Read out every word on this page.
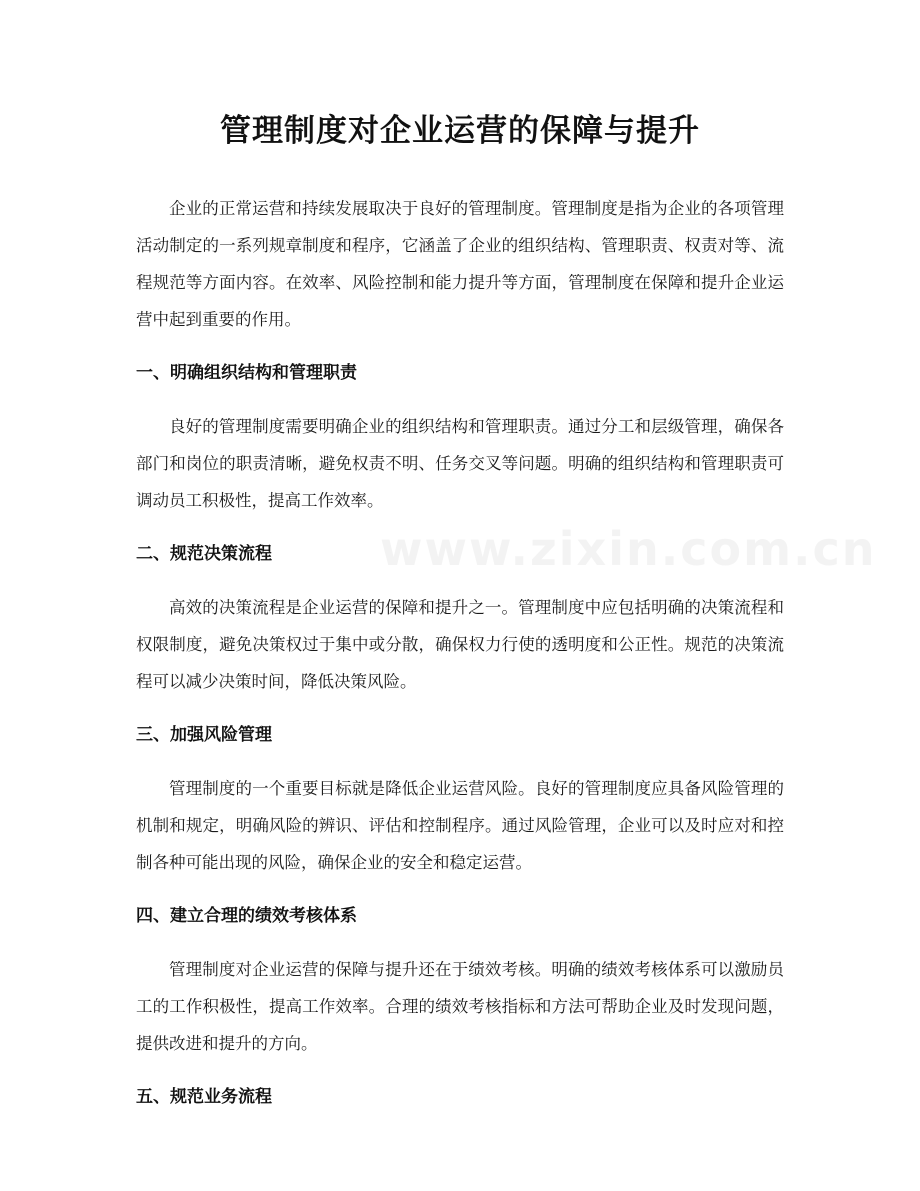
管理制度对企业运营的保障与提升

企业的正常运营和持续发展取决于良好的管理制度。管理制度是指为企业的各项管理活动制定的一系列规章制度和程序，它涵盖了企业的组织结构、管理职责、权责对等、流程规范等方面内容。在效率、风险控制和能力提升等方面，管理制度在保障和提升企业运营中起到重要的作用。

一、明确组织结构和管理职责

良好的管理制度需要明确企业的组织结构和管理职责。通过分工和层级管理，确保各部门和岗位的职责清晰，避免权责不明、任务交叉等问题。明确的组织结构和管理职责可调动员工积极性，提高工作效率。

二、规范决策流程

高效的决策流程是企业运营的保障和提升之一。管理制度中应包括明确的决策流程和权限制度，避免决策权过于集中或分散，确保权力行使的透明度和公正性。规范的决策流程可以减少决策时间，降低决策风险。

三、加强风险管理

管理制度的一个重要目标就是降低企业运营风险。良好的管理制度应具备风险管理的机制和规定，明确风险的辨识、评估和控制程序。通过风险管理，企业可以及时应对和控制各种可能出现的风险，确保企业的安全和稳定运营。

四、建立合理的绩效考核体系

管理制度对企业运营的保障与提升还在于绩效考核。明确的绩效考核体系可以激励员工的工作积极性，提高工作效率。合理的绩效考核指标和方法可帮助企业及时发现问题，提供改进和提升的方向。

五、规范业务流程
www.zixin.com.cn
